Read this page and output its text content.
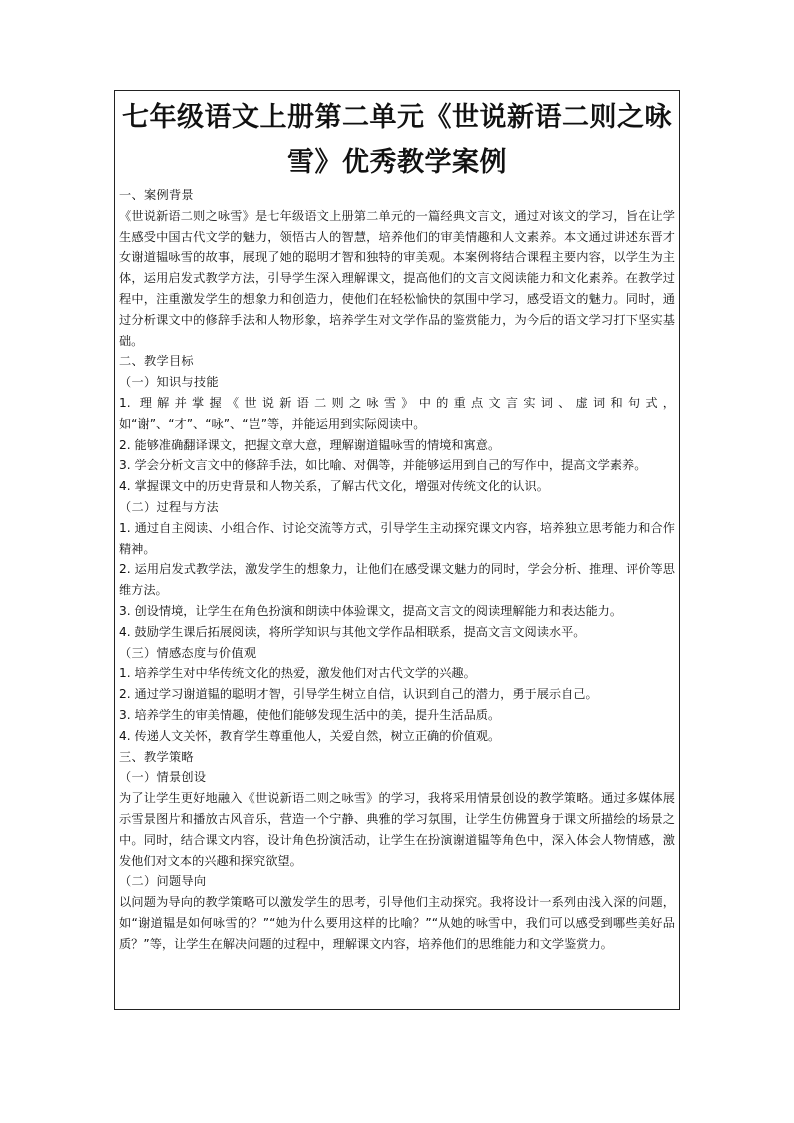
七年级语文上册第二单元《世说新语二则之咏雪》优秀教学案例

一、案例背景

《世说新语二则之咏雪》是七年级语文上册第二单元的一篇经典文言文，通过对该文的学习，旨在让学生感受中国古代文学的魅力，领悟古人的智慧，培养他们的审美情趣和人文素养。本文通过讲述东晋才女谢道韫咏雪的故事，展现了她的聪明才智和独特的审美观。本案例将结合课程主要内容，以学生为主体，运用启发式教学方法，引导学生深入理解课文，提高他们的文言文阅读能力和文化素养。在教学过程中，注重激发学生的想象力和创造力，使他们在轻松愉快的氛围中学习，感受语文的魅力。同时，通过分析课文中的修辞手法和人物形象，培养学生对文学作品的鉴赏能力，为今后的语文学习打下坚实基础。

二、教学目标

（一）知识与技能

1. 理解并掌握《世说新语二则之咏雪》中的重点文言实词、虚词和句式，如“谢”、“才”、“咏”、“岂”等，并能运用到实际阅读中。

2. 能够准确翻译课文，把握文章大意，理解谢道韫咏雪的情境和寓意。

3. 学会分析文言文中的修辞手法，如比喻、对偶等，并能够运用到自己的写作中，提高文学素养。

4. 掌握课文中的历史背景和人物关系，了解古代文化，增强对传统文化的认识。

（二）过程与方法

1. 通过自主阅读、小组合作、讨论交流等方式，引导学生主动探究课文内容，培养独立思考能力和合作精神。

2. 运用启发式教学法，激发学生的想象力，让他们在感受课文魅力的同时，学会分析、推理、评价等思维方法。

3. 创设情境，让学生在角色扮演和朗读中体验课文，提高文言文的阅读理解能力和表达能力。

4. 鼓励学生课后拓展阅读，将所学知识与其他文学作品相联系，提高文言文阅读水平。

（三）情感态度与价值观

1. 培养学生对中华传统文化的热爱，激发他们对古代文学的兴趣。

2. 通过学习谢道韫的聪明才智，引导学生树立自信，认识到自己的潜力，勇于展示自己。

3. 培养学生的审美情趣，使他们能够发现生活中的美，提升生活品质。

4. 传递人文关怀，教育学生尊重他人，关爱自然，树立正确的价值观。

三、教学策略

（一）情景创设

为了让学生更好地融入《世说新语二则之咏雪》的学习，我将采用情景创设的教学策略。通过多媒体展示雪景图片和播放古风音乐，营造一个宁静、典雅的学习氛围，让学生仿佛置身于课文所描绘的场景之中。同时，结合课文内容，设计角色扮演活动，让学生在扮演谢道韫等角色中，深入体会人物情感，激发他们对文本的兴趣和探究欲望。

（二）问题导向

以问题为导向的教学策略可以激发学生的思考，引导他们主动探究。我将设计一系列由浅入深的问题，如“谢道韫是如何咏雪的？”“她为什么要用这样的比喻？”“从她的咏雪中，我们可以感受到哪些美好品质？”等，让学生在解决问题的过程中，理解课文内容，培养他们的思维能力和文学鉴赏力。
